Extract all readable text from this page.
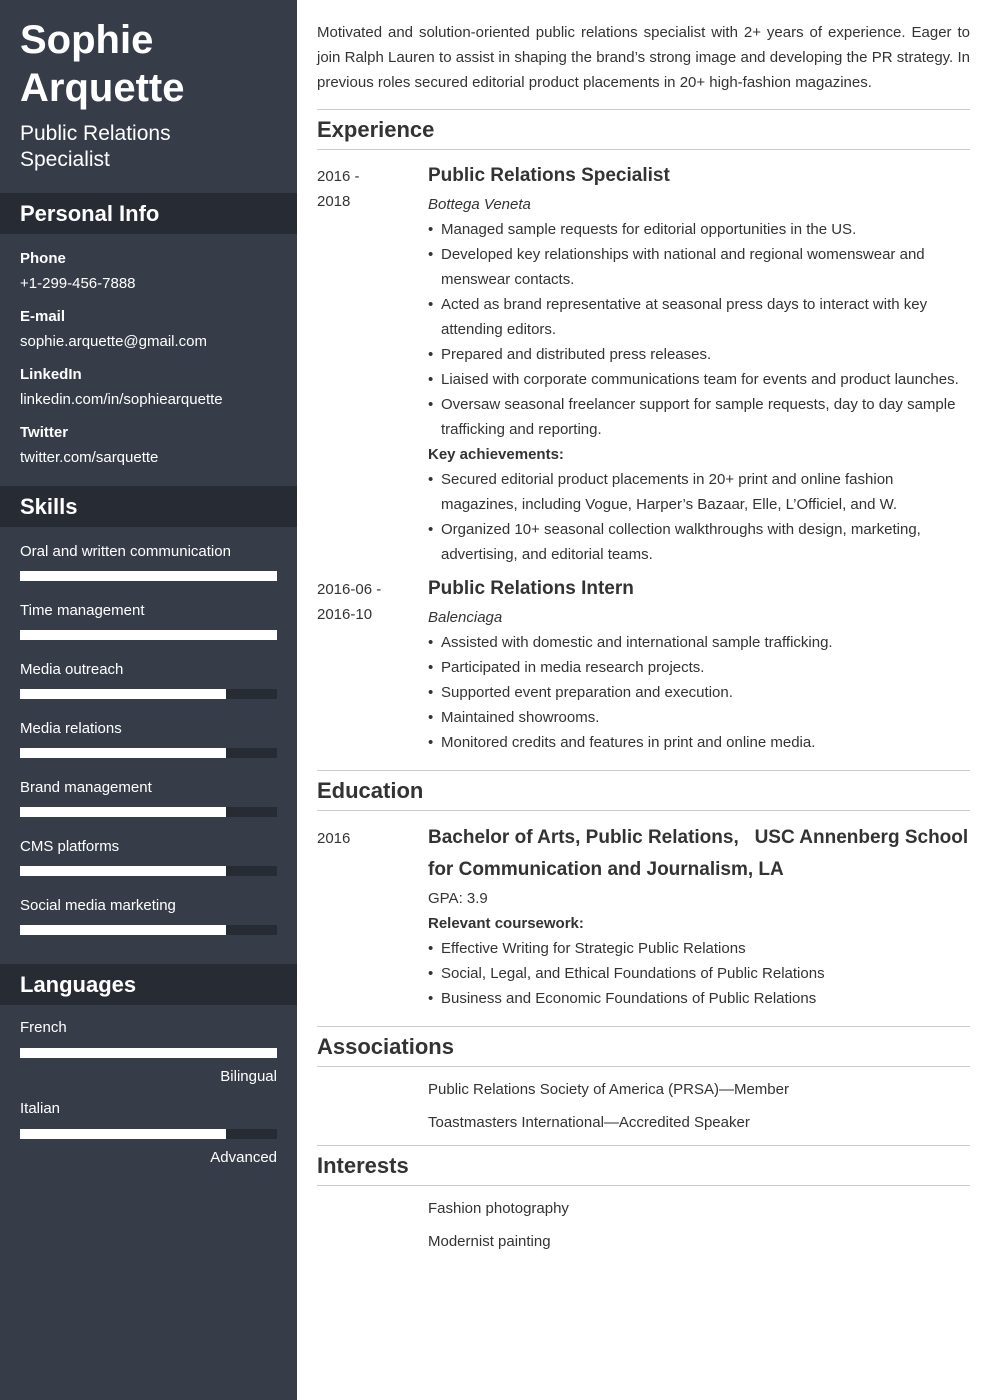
Sophie
Arquette
Public Relations Specialist
Personal Info
Phone
+1-299-456-7888
E-mail
sophie.arquette@gmail.com
LinkedIn
linkedin.com/in/sophiearquette
Twitter
twitter.com/sarquette
Skills
Oral and written communication
Time management
Media outreach
Media relations
Brand management
CMS platforms
Social media marketing
Languages
French
Bilingual
Italian
Advanced

Motivated and solution-oriented public relations specialist with 2+ years of experience. Eager to join Ralph Lauren to assist in shaping the brand’s strong image and developing the PR strategy. In previous roles secured editorial product placements in 20+ high-fashion magazines.

Experience
2016 -
2018
Public Relations Specialist
Bottega Veneta
• Managed sample requests for editorial opportunities in the US.
• Developed key relationships with national and regional womenswear and menswear contacts.
• Acted as brand representative at seasonal press days to interact with key attending editors.
• Prepared and distributed press releases.
• Liaised with corporate communications team for events and product launches.
• Oversaw seasonal freelancer support for sample requests, day to day sample trafficking and reporting.
Key achievements:
• Secured editorial product placements in 20+ print and online fashion magazines, including Vogue, Harper’s Bazaar, Elle, L’Officiel, and W.
• Organized 10+ seasonal collection walkthroughs with design, marketing, advertising, and editorial teams.
2016-06 -
2016-10
Public Relations Intern
Balenciaga
• Assisted with domestic and international sample trafficking.
• Participated in media research projects.
• Supported event preparation and execution.
• Maintained showrooms.
• Monitored credits and features in print and online media.
Education
2016	Bachelor of Arts, Public Relations,   USC Annenberg School for Communication and Journalism, LA
GPA: 3.9
Relevant coursework:
• Effective Writing for Strategic Public Relations
• Social, Legal, and Ethical Foundations of Public Relations
• Business and Economic Foundations of Public Relations
Associations
Public Relations Society of America (PRSA)—Member
Toastmasters International—Accredited Speaker
Interests
Fashion photography
Modernist painting
